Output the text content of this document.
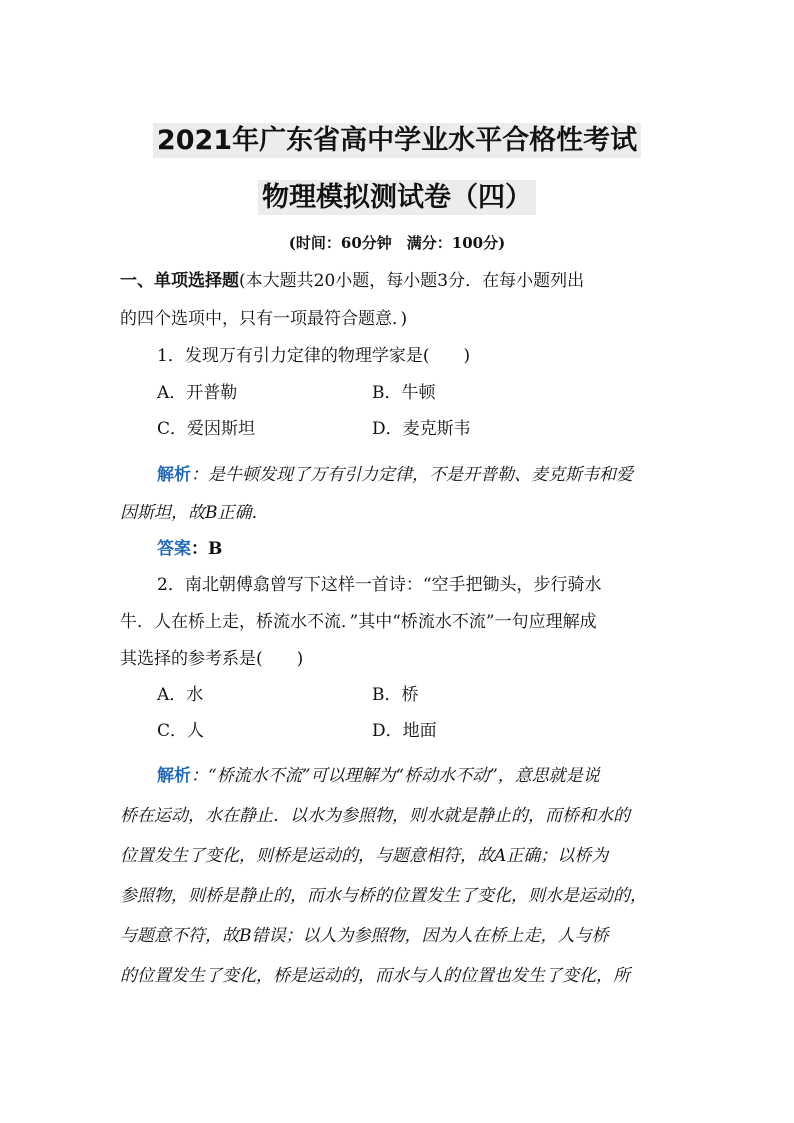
2021年广东省高中学业水平合格性考试
物理模拟测试卷（四）
(时间：60分钟　满分：100分)
一、单项选择题(本大题共20小题，每小题3分．在每小题列出
的四个选项中，只有一项最符合题意．)
1．发现万有引力定律的物理学家是(　　)
A．开普勒	B．牛顿
C．爱因斯坦	D．麦克斯韦
解析：是牛顿发现了万有引力定律，不是开普勒、麦克斯韦和爱
因斯坦，故B正确．
答案：B
2．南北朝傅翕曾写下这样一首诗：“空手把锄头，步行骑水
牛．人在桥上走，桥流水不流．”其中“桥流水不流”一句应理解成
其选择的参考系是(　　)
A．水	B．桥
C．人	D．地面
解析：“桥流水不流”可以理解为“桥动水不动”，意思就是说
桥在运动，水在静止．以水为参照物，则水就是静止的，而桥和水的
位置发生了变化，则桥是运动的，与题意相符，故A正确；以桥为
参照物，则桥是静止的，而水与桥的位置发生了变化，则水是运动的，
与题意不符，故B错误；以人为参照物，因为人在桥上走，人与桥
的位置发生了变化，桥是运动的，而水与人的位置也发生了变化，所
